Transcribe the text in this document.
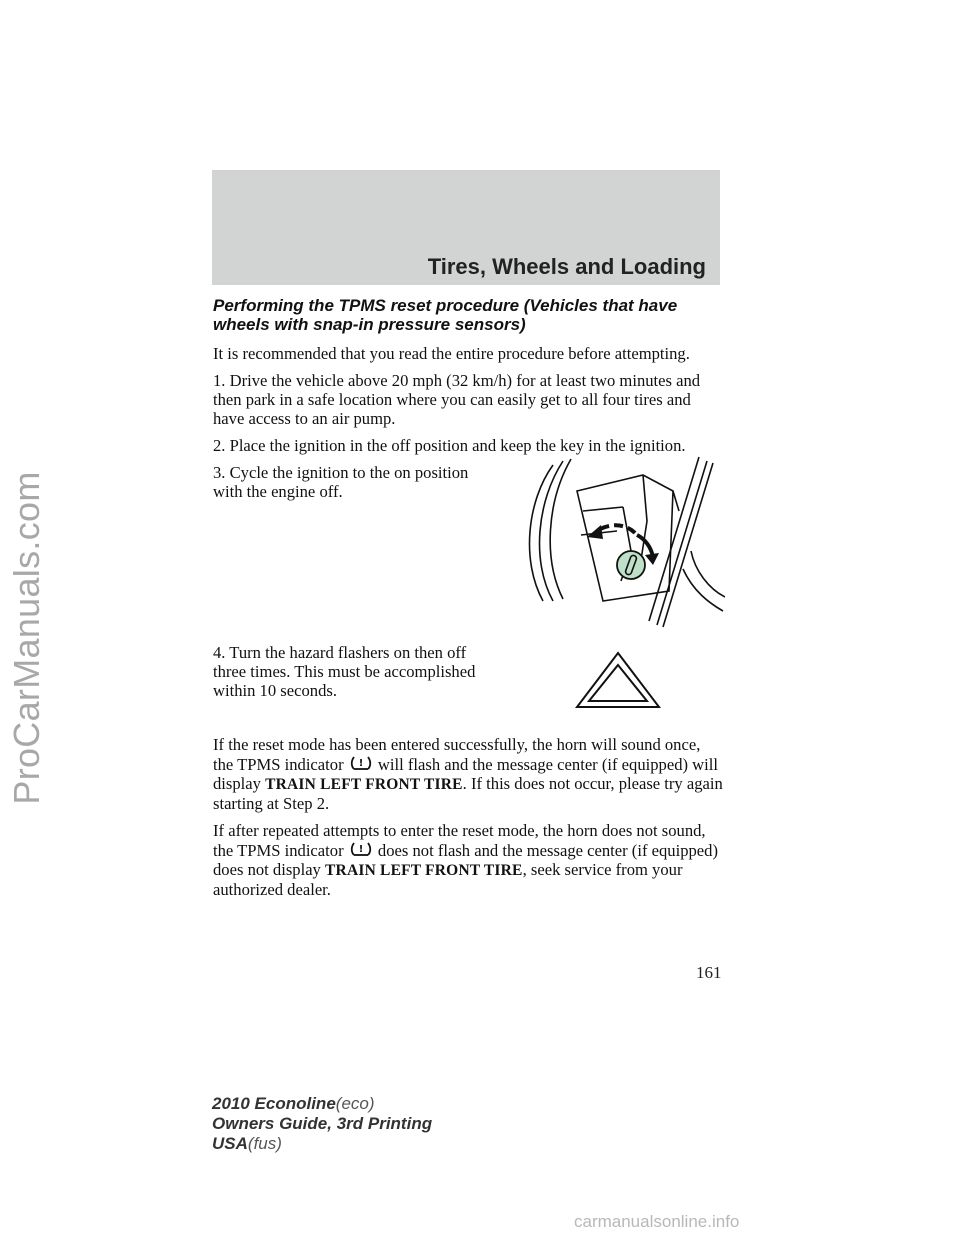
ProCarManuals.com
Tires, Wheels and Loading
Performing the TPMS reset procedure (Vehicles that have wheels with snap-in pressure sensors)

It is recommended that you read the entire procedure before attempting.

1. Drive the vehicle above 20 mph (32 km/h) for at least two minutes and then park in a safe location where you can easily get to all four tires and have access to an air pump.

2. Place the ignition in the off position and keep the key in the ignition.

3. Cycle the ignition to the on position with the engine off.

4. Turn the hazard flashers on then off three times. This must be accomplished within 10 seconds.

If the reset mode has been entered successfully, the horn will sound once, the TPMS indicator ! will flash and the message center (if equipped) will display TRAIN LEFT FRONT TIRE. If this does not occur, please try again starting at Step 2.

If after repeated attempts to enter the reset mode, the horn does not sound, the TPMS indicator ! does not flash and the message center (if equipped) does not display TRAIN LEFT FRONT TIRE, seek service from your authorized dealer.

161
2010 Econoline(eco)
Owners Guide, 3rd Printing
USA(fus)
carmanualsonline.info
